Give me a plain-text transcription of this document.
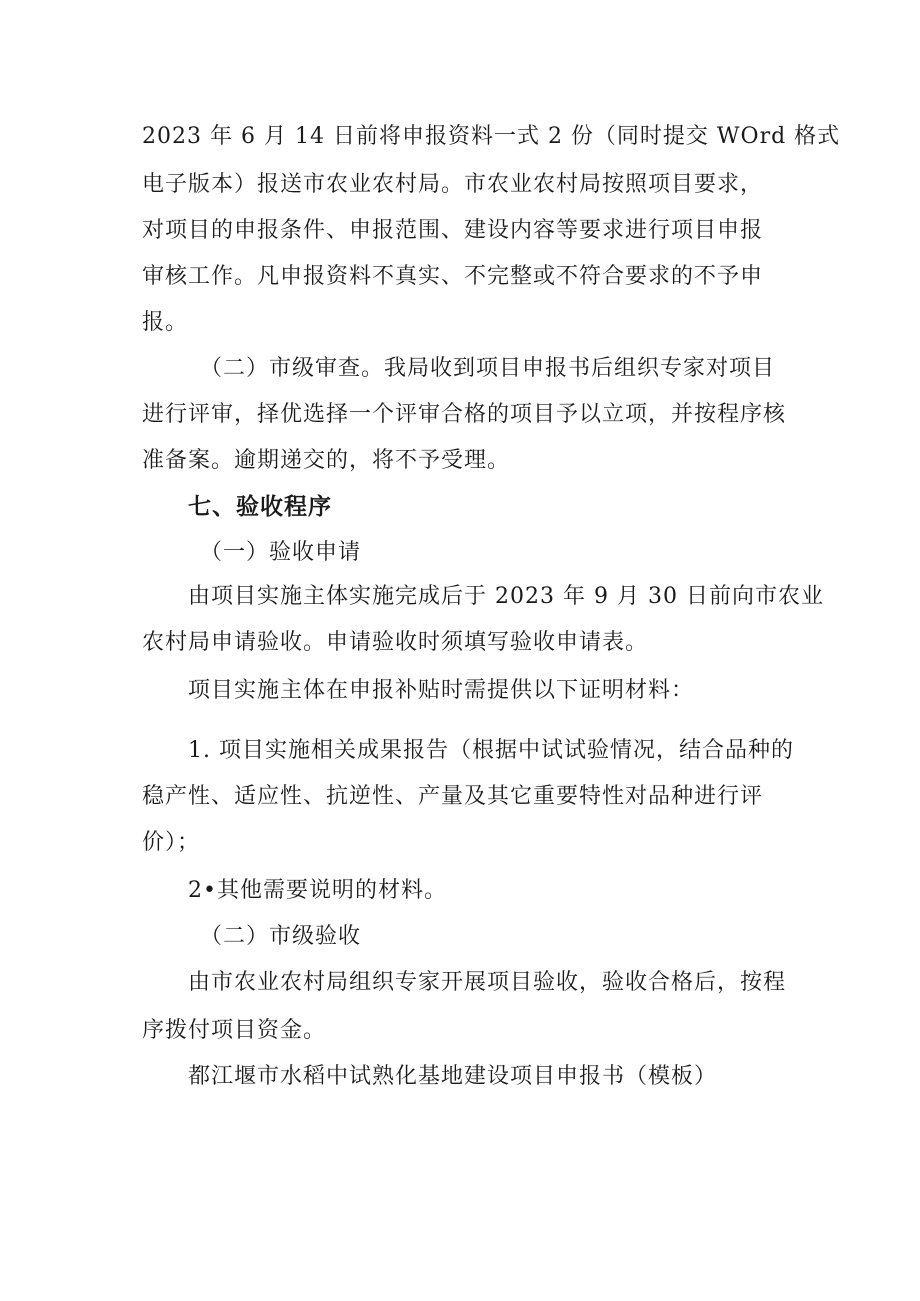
2023 年 6 月 14 日前将申报资料一式 2 份（同时提交 WOrd 格式
电子版本）报送市农业农村局。市农业农村局按照项目要求，
对项目的申报条件、申报范围、建设内容等要求进行项目申报
审核工作。凡申报资料不真实、不完整或不符合要求的不予申
报。
（二）市级审查。我局收到项目申报书后组织专家对项目
进行评审，择优选择一个评审合格的项目予以立项，并按程序核
准备案。逾期递交的，将不予受理。
七、验收程序
（一）验收申请
由项目实施主体实施完成后于 2023 年 9 月 30 日前向市农业
农村局申请验收。申请验收时须填写验收申请表。
项目实施主体在申报补贴时需提供以下证明材料：
1. 项目实施相关成果报告（根据中试试验情况，结合品种的
稳产性、适应性、抗逆性、产量及其它重要特性对品种进行评
价）；
2•其他需要说明的材料。
（二）市级验收
由市农业农村局组织专家开展项目验收，验收合格后，按程
序拨付项目资金。
都江堰市水稻中试熟化基地建设项目申报书（模板）
